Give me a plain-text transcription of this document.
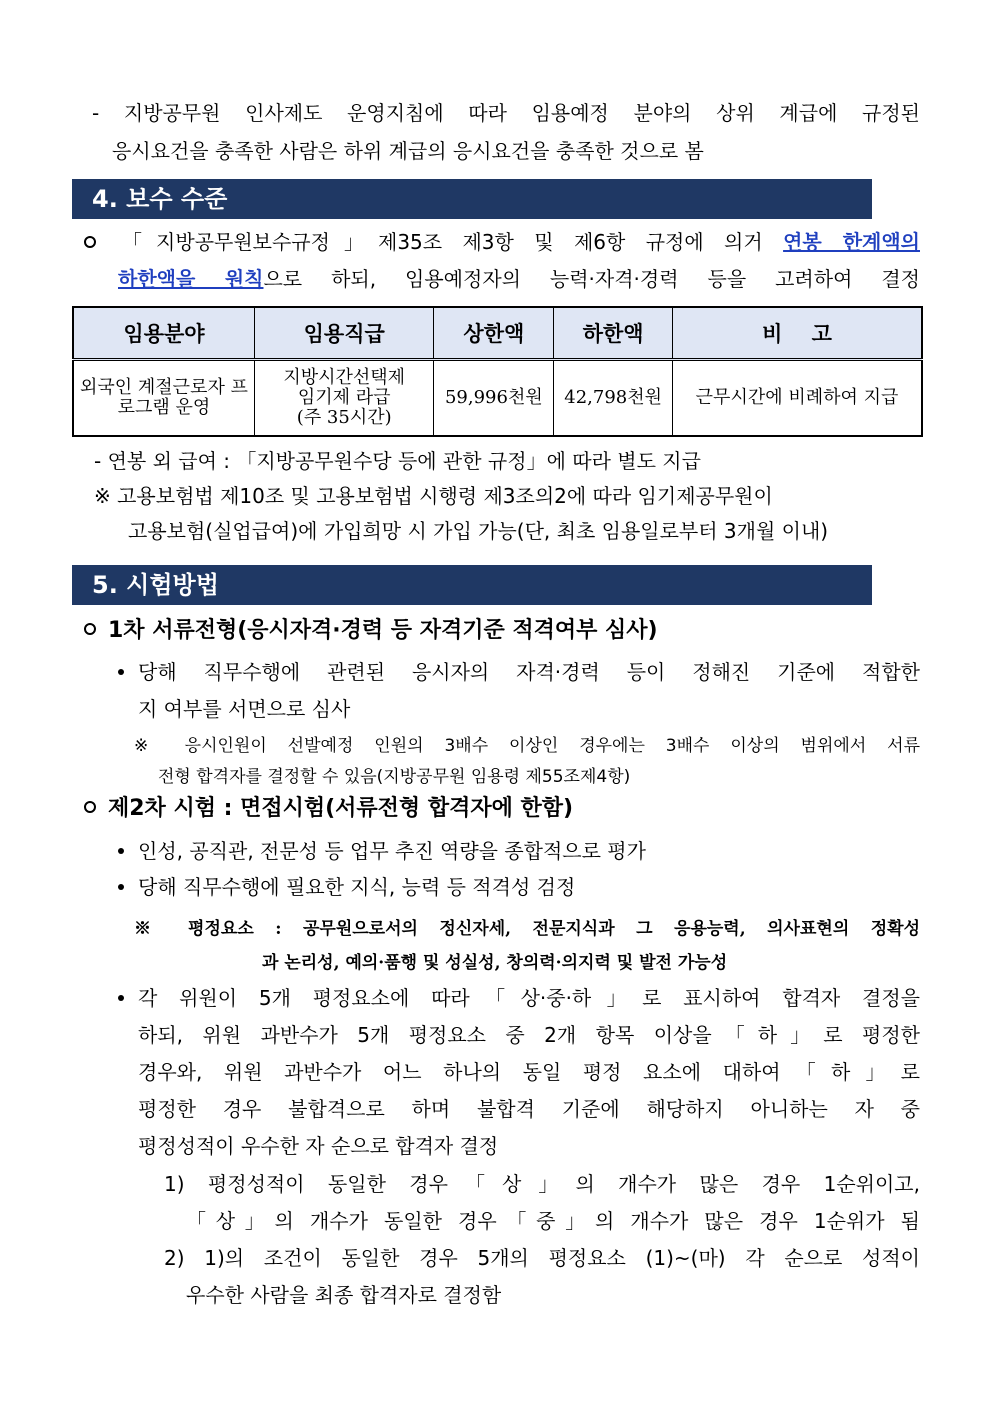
- 지방공무원 인사제도 운영지침에 따라 임용예정 분야의 상위 계급에 규정된
응시요건을 충족한 사람은 하위 계급의 응시요건을 충족한 것으로 봄
4. 보수 수준
「지방공무원보수규정」제35조 제3항 및 제6항 규정에 의거 연봉 한계액의
하한액을 원칙으로 하되, 임용예정자의 능력·자격·경력 등을 고려하여 결정
임용분야	임용직급	상한액	하한액	비    고
외국인 계절근로자 프로그램 운영	지방시간선택제
임기제 라급
(주 35시간)	59,996천원	42,798천원	근무시간에 비례하여 지급
- 연봉 외 급여 : 「지방공무원수당 등에 관한 규정」에 따라 별도 지급
※ 고용보험법 제10조 및 고용보험법 시행령 제3조의2에 따라 임기제공무원이
고용보험(실업급여)에 가입희망 시 가입 가능(단, 최초 임용일로부터 3개월 이내)
5. 시험방법
1차 서류전형(응시자격·경력 등 자격기준 적격여부 심사)
당해 직무수행에 관련된 응시자의 자격·경력 등이 정해진 기준에 적합한
지 여부를 서면으로 심사
※ 응시인원이 선발예정 인원의 3배수 이상인 경우에는 3배수 이상의 범위에서 서류
전형 합격자를 결정할 수 있음(지방공무원 임용령 제55조제4항)
제2차 시험 : 면접시험(서류전형 합격자에 한함)
인성, 공직관, 전문성 등 업무 추진 역량을 종합적으로 평가
당해 직무수행에 필요한 지식, 능력 등 적격성 검정
※ 평정요소 : 공무원으로서의 정신자세, 전문지식과 그 응용능력, 의사표현의 정확성
과 논리성, 예의·품행 및 성실성, 창의력·의지력 및 발전 가능성
각 위원이 5개 평정요소에 따라「상·중·하」로 표시하여 합격자 결정을
하되, 위원 과반수가 5개 평정요소 중 2개 항목 이상을「하」로 평정한
경우와, 위원 과반수가 어느 하나의 동일 평정 요소에 대하여「하」로
평정한 경우 불합격으로 하며 불합격 기준에 해당하지 아니하는 자 중
평정성적이 우수한 자 순으로 합격자 결정
1) 평정성적이 동일한 경우「상」의 개수가 많은 경우 1순위이고,
「상」의 개수가 동일한 경우「중」의 개수가 많은 경우 1순위가 됨
2) 1)의 조건이 동일한 경우 5개의 평정요소 (1)~(마) 각 순으로 성적이
우수한 사람을 최종 합격자로 결정함
